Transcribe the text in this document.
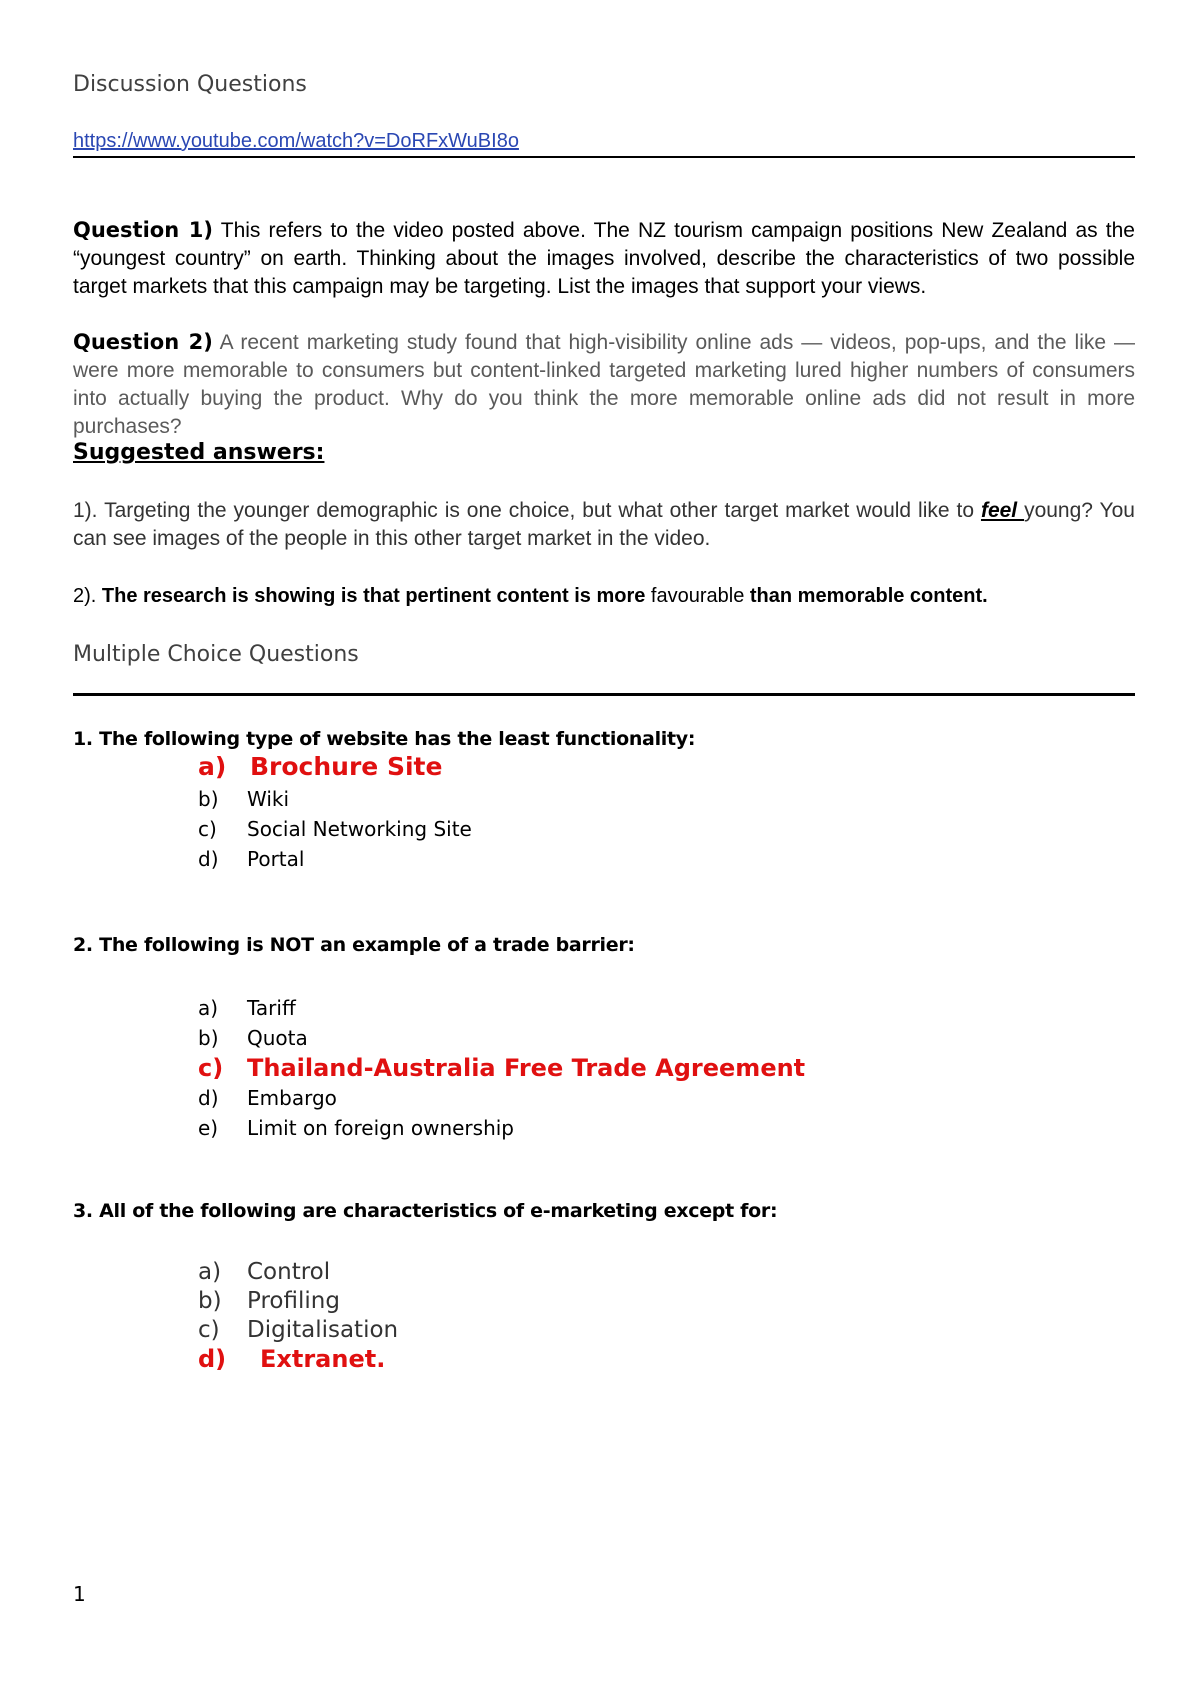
Discussion Questions
https://www.youtube.com/watch?v=DoRFxWuBI8o

Question 1) This refers to the video posted above. The NZ tourism campaign positions New Zealand as the “youngest country” on earth. Thinking about the images involved, describe the characteristics of two possible target markets that this campaign may be targeting. List the images that support your views.

Question 2) A recent marketing study found that high-visibility online ads — videos, pop-ups, and the like — were more memorable to consumers but content-linked targeted marketing lured higher numbers of consumers into actually buying the product. Why do you think the more memorable online ads did not result in more purchases?

Suggested answers:

1). Targeting the younger demographic is one choice, but what other target market would like to feel young? You can see images of the people in this other target market in the video.

2). The research is showing is that pertinent content is more favourable than memorable content.

Multiple Choice Questions

1. The following type of website has the least functionality:

a) Brochure Site
b) Wiki
c) Social Networking Site
d) Portal

2. The following is NOT an example of a trade barrier:

a) Tariff
b) Quota
c) Thailand-Australia Free Trade Agreement
d) Embargo
e) Limit on foreign ownership

3. All of the following are characteristics of e-marketing except for:

a) Control
b) Profiling
c) Digitalisation
d) Extranet.
1
